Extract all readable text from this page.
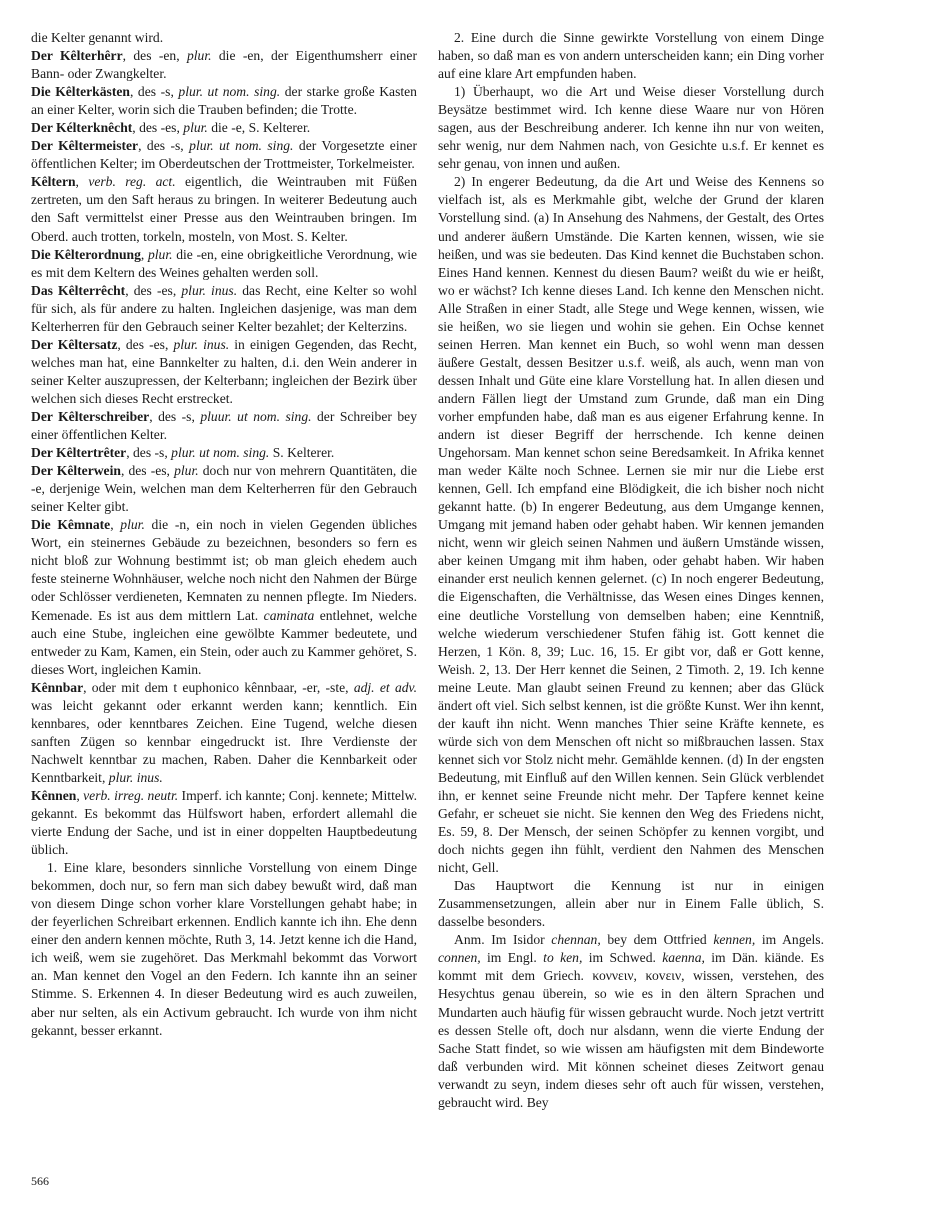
die Kelter genannt wird.

Der Kêlterhêrr, des -en, plur. die -en, der Eigenthumsherr einer Bann- oder Zwangkelter.

Die Kêlterkästen, des -s, plur. ut nom. sing. der starke große Kasten an einer Kelter, worin sich die Trauben befinden; die Trotte.

Der Kélterknêcht, des -es, plur. die -e, S. Kelterer.

Der Kêltermeister, des -s, plur. ut nom. sing. der Vorgesetzte einer öffentlichen Kelter; im Oberdeutschen der Trottmeister, Torkelmeister.

Kêltern, verb. reg. act. eigentlich, die Weintrauben mit Füßen zertreten, um den Saft heraus zu bringen. In weiterer Bedeutung auch den Saft vermittelst einer Presse aus den Weintrauben bringen. Im Oberd. auch trotten, torkeln, mosteln, von Most. S. Kelter.

Die Kêlterordnung, plur. die -en, eine obrigkeitliche Verordnung, wie es mit dem Keltern des Weines gehalten werden soll.

Das Kêlterrêcht, des -es, plur. inus. das Recht, eine Kelter so wohl für sich, als für andere zu halten. Ingleichen dasjenige, was man dem Kelterherren für den Gebrauch seiner Kelter bezahlet; der Kelterzins.

Der Kêltersatz, des -es, plur. inus. in einigen Gegenden, das Recht, welches man hat, eine Bannkelter zu halten, d.i. den Wein anderer in seiner Kelter auszupressen, der Kelterbann; ingleichen der Bezirk über welchen sich dieses Recht erstrecket.

Der Kêlterschreiber, des -s, pluur. ut nom. sing. der Schreiber bey einer öffentlichen Kelter.

Der Kêltertrêter, des -s, plur. ut nom. sing. S. Kelterer.

Der Kêlterwein, des -es, plur. doch nur von mehrern Quantitäten, die -e, derjenige Wein, welchen man dem Kelterherren für den Gebrauch seiner Kelter gibt.

Die Kêmnate, plur. die -n, ein noch in vielen Gegenden übliches Wort, ein steinernes Gebäude zu bezeichnen, besonders so fern es nicht bloß zur Wohnung bestimmt ist; ob man gleich ehedem auch feste steinerne Wohnhäuser, welche noch nicht den Nahmen der Bürge oder Schlösser verdieneten, Kemnaten zu nennen pflegte. Im Nieders. Kemenade. Es ist aus dem mittlern Lat. caminata entlehnet, welche auch eine Stube, ingleichen eine gewölbte Kammer bedeutete, und entweder zu Kam, Kamen, ein Stein, oder auch zu Kammer gehöret, S. dieses Wort, ingleichen Kamin.

Kênnbar, oder mit dem t euphonico kênnbaar, -er, -ste, adj. et adv. was leicht gekannt oder erkannt werden kann; kenntlich. Ein kennbares, oder kenntbares Zeichen. Eine Tugend, welche diesen sanften Zügen so kennbar eingedruckt ist. Ihre Verdienste der Nachwelt kenntbar zu machen, Raben. Daher die Kennbarkeit oder Kenntbarkeit, plur. inus.

Kênnen, verb. irreg. neutr. Imperf. ich kannte; Conj. kennete; Mittelw. gekannt. Es bekommt das Hülfswort haben, erfordert allemahl die vierte Endung der Sache, und ist in einer doppelten Hauptbedeutung üblich.

1. Eine klare, besonders sinnliche Vorstellung von einem Dinge bekommen, doch nur, so fern man sich dabey bewußt wird, daß man von diesem Dinge schon vorher klare Vorstellungen gehabt habe; in der feyerlichen Schreibart erkennen. Endlich kannte ich ihn. Ehe denn einer den andern kennen möchte, Ruth 3, 14. Jetzt kenne ich die Hand, ich weiß, wem sie zugehöret. Das Merkmahl bekommt das Vorwort an. Man kennet den Vogel an den Federn. Ich kannte ihn an seiner Stimme. S. Erkennen 4. In dieser Bedeutung wird es auch zuweilen, aber nur selten, als ein Activum gebraucht. Ich wurde von ihm nicht gekannt, besser erkannt.

2. Eine durch die Sinne gewirkte Vorstellung von einem Dinge haben, so daß man es von andern unterscheiden kann; ein Ding vorher auf eine klare Art empfunden haben.

1) Überhaupt, wo die Art und Weise dieser Vorstellung durch Beysätze bestimmet wird. Ich kenne diese Waare nur von Hören sagen, aus der Beschreibung anderer. Ich kenne ihn nur von weiten, sehr wenig, nur dem Nahmen nach, von Gesichte u.s.f. Er kennet es sehr genau, von innen und außen.

2) In engerer Bedeutung, da die Art und Weise des Kennens so vielfach ist, als es Merkmahle gibt, welche der Grund der klaren Vorstellung sind. (a) In Ansehung des Nahmens, der Gestalt, des Ortes und anderer äußern Umstände. Die Karten kennen, wissen, wie sie heißen, und was sie bedeuten. Das Kind kennet die Buchstaben schon. Eines Hand kennen. Kennest du diesen Baum? weißt du wie er heißt, wo er wächst? Ich kenne dieses Land. Ich kenne den Menschen nicht. Alle Straßen in einer Stadt, alle Stege und Wege kennen, wissen, wie sie heißen, wo sie liegen und wohin sie gehen. Ein Ochse kennet seinen Herren. Man kennet ein Buch, so wohl wenn man dessen äußere Gestalt, dessen Besitzer u.s.f. weiß, als auch, wenn man von dessen Inhalt und Güte eine klare Vorstellung hat. In allen diesen und andern Fällen liegt der Umstand zum Grunde, daß man ein Ding vorher empfunden habe, daß man es aus eigener Erfahrung kenne. In andern ist dieser Begriff der herrschende. Ich kenne deinen Ungehorsam. Man kennet schon seine Beredsamkeit. In Afrika kennet man weder Kälte noch Schnee. Lernen sie mir nur die Liebe erst kennen, Gell. Ich empfand eine Blödigkeit, die ich bisher noch nicht gekannt hatte. (b) In engerer Bedeutung, aus dem Umgange kennen, Umgang mit jemand haben oder gehabt haben. Wir kennen jemanden nicht, wenn wir gleich seinen Nahmen und äußern Umstände wissen, aber keinen Umgang mit ihm haben, oder gehabt haben. Wir haben einander erst neulich kennen gelernet. (c) In noch engerer Bedeutung, die Eigenschaften, die Verhältnisse, das Wesen eines Dinges kennen, eine deutliche Vorstellung von demselben haben; eine Kenntniß, welche wiederum verschiedener Stufen fähig ist. Gott kennet die Herzen, 1 Kön. 8, 39; Luc. 16, 15. Er gibt vor, daß er Gott kenne, Weish. 2, 13. Der Herr kennet die Seinen, 2 Timoth. 2, 19. Ich kenne meine Leute. Man glaubt seinen Freund zu kennen; aber das Glück ändert oft viel. Sich selbst kennen, ist die größte Kunst. Wer ihn kennt, der kauft ihn nicht. Wenn manches Thier seine Kräfte kennete, es würde sich von dem Menschen oft nicht so mißbrauchen lassen. Stax kennet sich vor Stolz nicht mehr. Gemählde kennen. (d) In der engsten Bedeutung, mit Einfluß auf den Willen kennen. Sein Glück verblendet ihn, er kennet seine Freunde nicht mehr. Der Tapfere kennet keine Gefahr, er scheuet sie nicht. Sie kennen den Weg des Friedens nicht, Es. 59, 8. Der Mensch, der seinen Schöpfer zu kennen vorgibt, und doch nichts gegen ihn fühlt, verdient den Nahmen des Menschen nicht, Gell.

Das Hauptwort die Kennung ist nur in einigen Zusammensetzungen, allein aber nur in Einem Falle üblich, S. dasselbe besonders.

Anm. Im Isidor chennan, bey dem Ottfried kennen, im Angels. connen, im Engl. to ken, im Schwed. kaenna, im Dän. kiände. Es kommt mit dem Griech. κοννειν, κοvειν, wissen, verstehen, des Hesychtus genau überein, so wie es in den ältern Sprachen und Mundarten auch häufig für wissen gebraucht wurde. Noch jetzt vertritt es dessen Stelle oft, doch nur alsdann, wenn die vierte Endung der Sache Statt findet, so wie wissen am häufigsten mit dem Bindeworte daß verbunden wird. Mit können scheinet dieses Zeitwort genau verwandt zu seyn, indem dieses sehr oft auch für wissen, verstehen, gebraucht wird. Bey

566
